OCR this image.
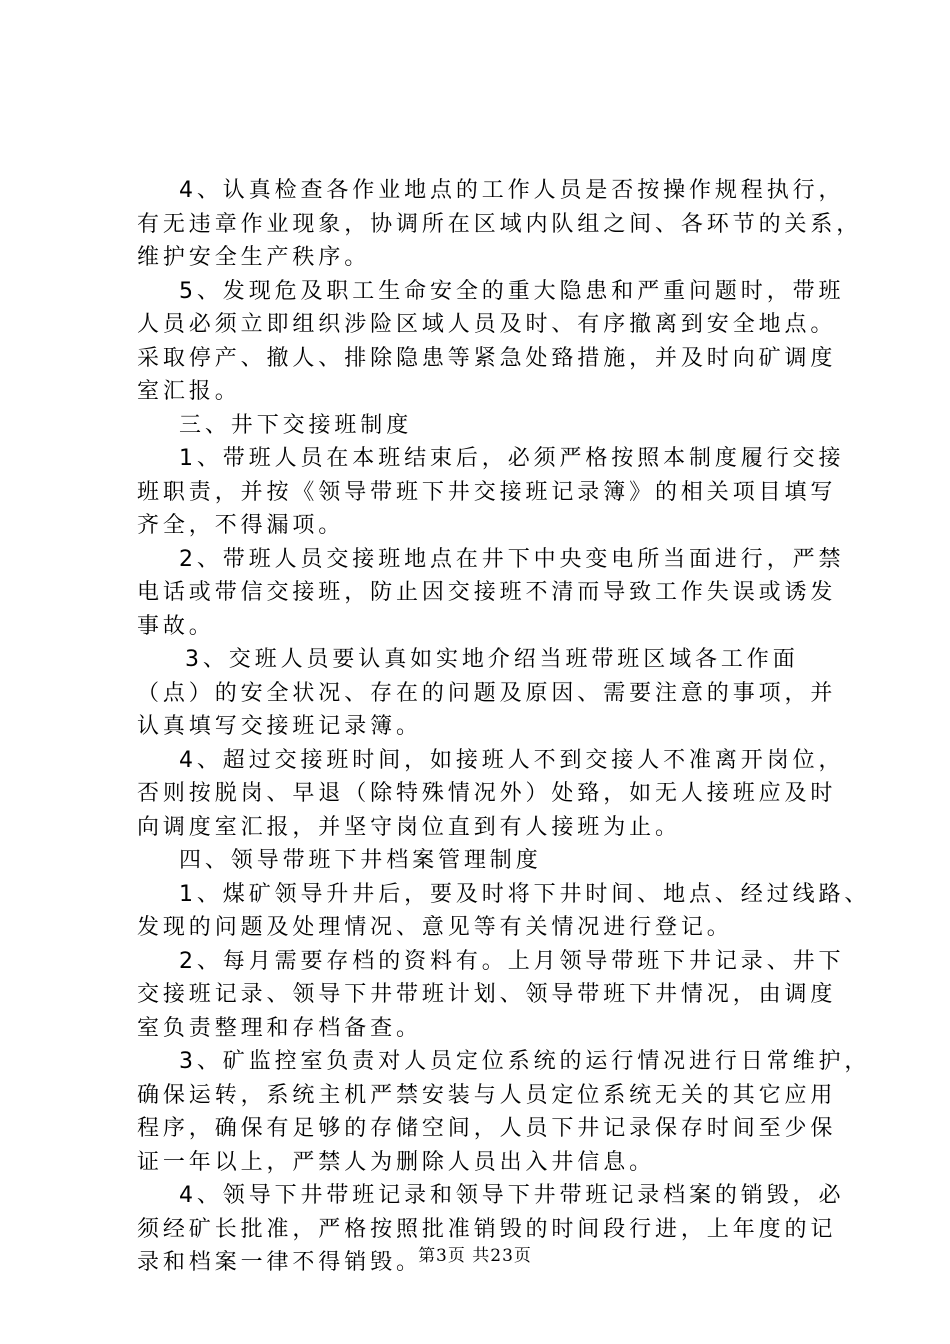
4、认真检查各作业地点的工作人员是否按操作规程执行，
有无违章作业现象，协调所在区域内队组之间、各环节的关系，
维护安全生产秩序。
5、发现危及职工生命安全的重大隐患和严重问题时，带班
人员必须立即组织涉险区域人员及时、有序撤离到安全地点。
采取停产、撤人、排除隐患等紧急处臵措施，并及时向矿调度
室汇报。
三、井下交接班制度
1、带班人员在本班结束后，必须严格按照本制度履行交接
班职责，并按《领导带班下井交接班记录簿》的相关项目填写
齐全，不得漏项。
2、带班人员交接班地点在井下中央变电所当面进行，严禁
电话或带信交接班，防止因交接班不清而导致工作失误或诱发
事故。
3、交班人员要认真如实地介绍当班带班区域各工作面
（点）的安全状况、存在的问题及原因、需要注意的事项，并
认真填写交接班记录簿。
4、超过交接班时间，如接班人不到交接人不准离开岗位，
否则按脱岗、早退（除特殊情况外）处臵，如无人接班应及时
向调度室汇报，并坚守岗位直到有人接班为止。
四、领导带班下井档案管理制度
1、煤矿领导升井后，要及时将下井时间、地点、经过线路、
发现的问题及处理情况、意见等有关情况进行登记。
2、每月需要存档的资料有。上月领导带班下井记录、井下
交接班记录、领导下井带班计划、领导带班下井情况，由调度
室负责整理和存档备查。
3、矿监控室负责对人员定位系统的运行情况进行日常维护，
确保运转，系统主机严禁安装与人员定位系统无关的其它应用
程序，确保有足够的存储空间，人员下井记录保存时间至少保
证一年以上，严禁人为删除人员出入井信息。
4、领导下井带班记录和领导下井带班记录档案的销毁，必
须经矿长批准，严格按照批准销毁的时间段行进，上年度的记
录和档案一律不得销毁。
第3页 共23页
